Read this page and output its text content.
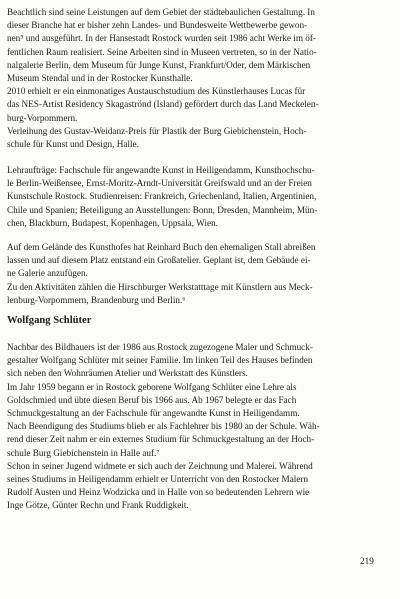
Beachtlich sind seine Leistungen auf dem Gebiet der städtebaulichen Gestaltung. In

dieser Branche hat er bisher zehn Landes- und Bundesweite Wettbewerbe gewon-

nen⁵ und ausgeführt. In der Hansestadt Rostock wurden seit 1986 acht Werke im öf-

fentlichen Raum realisiert. Seine Arbeiten sind in Museen vertreten, so in der Natio-

nalgalerie Berlin, dem Museum für Junge Kunst, Frankfurt/Oder, dem Märkischen

Museum Stendal und in der Rostocker Kunsthalle.

2010 erhielt er ein einmonatiges Austauschstudium des Künstlerhauses Lucas für

das NES-Artist Residency Skagaströnd (Island) gefördert durch das Land Meckelen-

burg-Vorpommern.

Verleihung des Gustav-Weidanz-Preis für Plastik der Burg Giebichenstein, Hoch-

schule für Kunst und Design, Halle.

Lehraufträge: Fachschule für angewandte Kunst in Heiligendamm, Kunsthochschu-

le Berlin-Weißensee, Ernst-Moritz-Arndt-Universität Greifswald und an der Freien

Kunstschule Rostock. Studienreisen: Frankreich, Griechenland, Italien, Argentinien,

Chile und Spanien; Beteiligung an Ausstellungen: Bonn, Dresden, Mannheim, Mün-

chen, Blackburn, Budapest, Kopenhagen, Uppsala, Wien.

Auf dem Gelände des Kunsthofes hat Reinhard Buch den ehemaligen Stall abreißen

lassen und auf diesem Platz entstand ein Großatelier. Geplant ist, dem Gebäude ei-

ne Galerie anzufügen.

Zu den Aktivitäten zählen die Hirschburger Werkstatttage mit Künstlern aus Meck-

lenburg-Vorpommern, Brandenburg und Berlin.⁶

Wolfgang Schlüter

Nachbar des Bildhauers ist der 1986 aus Rostock zugezogene Maler und Schmuck-

gestalter Wolfgang Schlüter mit seiner Familie. Im linken Teil des Hauses befinden

sich neben den Wohnräumen Atelier und Werkstatt des Künstlers.

Im Jahr 1959 begann er in Rostock geborene Wolfgang Schlüter eine Lehre als

Goldschmied und übte diesen Beruf bis 1966 aus. Ab 1967 belegte er das Fach

Schmuckgestaltung an der Fachschule für angewandte Kunst in Heiligendamm.

Nach Beendigung des Studiums blieb er als Fachlehrer bis 1980 an der Schule. Wäh-

rend dieser Zeit nahm er ein externes Studium für Schmuckgestaltung an der Hoch-

schule Burg Giebichenstein in Halle auf.⁷

Schon in seiner Jugend widmete er sich auch der Zeichnung und Malerei. Während

seines Studiums in Heiligendamm erhielt er Unterricht von den Rostocker Malern

Rudolf Austen und Heinz Wodzicka und in Halle von so bedeutenden Lehrern wie

Inge Götze, Günter Rechn und Frank Ruddigkeit.

219
